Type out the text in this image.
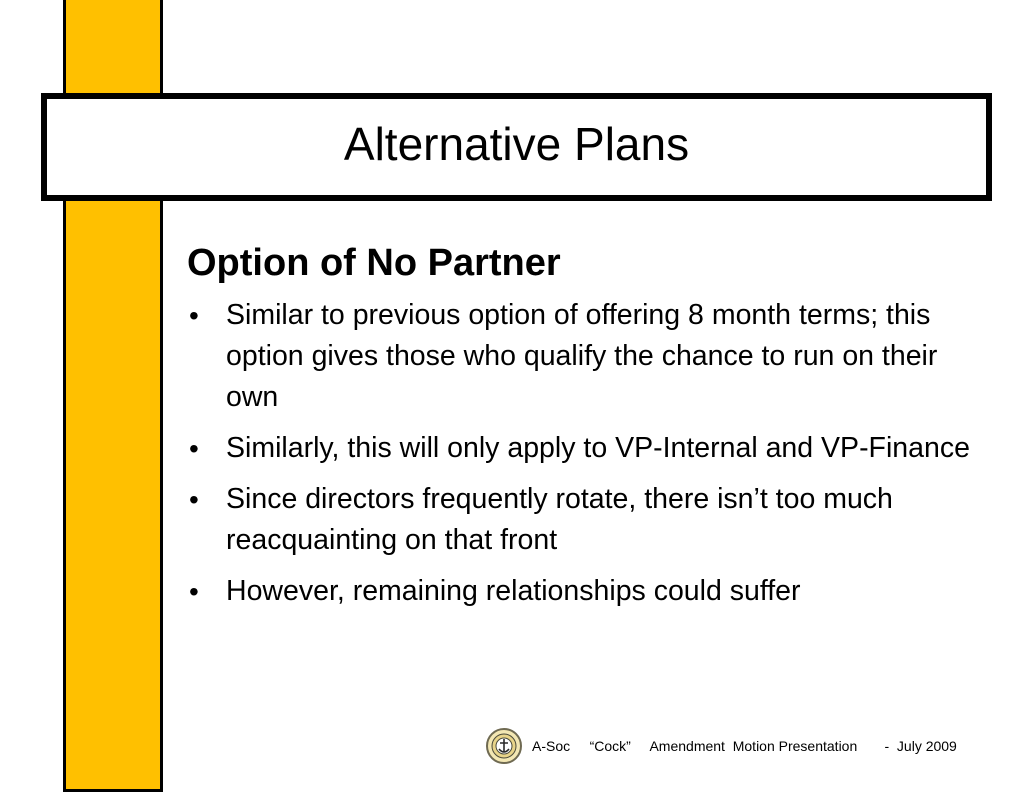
Alternative Plans
Option of No Partner
• Similar to previous option of offering 8 month terms; this option gives those who qualify the chance to run on their own
• Similarly, this will only apply to VP-Internal and VP-Finance
• Since directors frequently rotate, there isn’t too much reacquainting on that front
• However, remaining relationships could suffer
A-Soc     “Cock”     Amendment  Motion Presentation       -  July 2009
